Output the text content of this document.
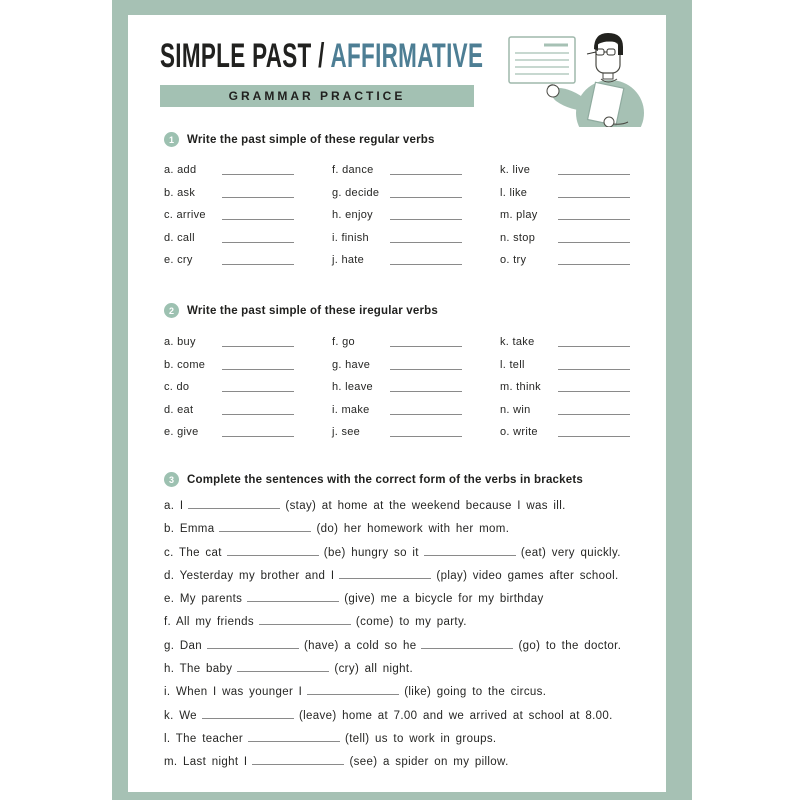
SIMPLE PAST / AFFIRMATIVE
GRAMMAR PRACTICE
1	Write the past simple of these regular verbs
a. add
b. ask
c. arrive
d. call
e. cry
f. dance
g. decide
h. enjoy
i. finish
j. hate
k. live
l. like
m. play
n. stop
o. try
2	Write the past simple of these iregular verbs
a. buy
b. come
c. do
d. eat
e. give
f. go
g. have
h. leave
i. make
j. see
k. take
l. tell
m. think
n. win
o. write
3	Complete the sentences with the correct form of the verbs in brackets
a. I	(stay) at home at the weekend because I was ill.
b. Emma	(do) her homework with her mom.
c. The cat	(be) hungry so it	(eat) very quickly.
d. Yesterday my brother and I	(play) video games after school.
e. My parents	(give) me a bicycle for my birthday
f. All my friends	(come) to my party.
g. Dan	(have) a cold so he	(go) to the doctor.
h. The baby	(cry) all night.
i. When I was younger I	(like) going to the circus.
k. We	(leave) home at 7.00 and we arrived at school at 8.00.
l. The teacher	(tell) us to work in groups.
m. Last night I	(see) a spider on my pillow.
